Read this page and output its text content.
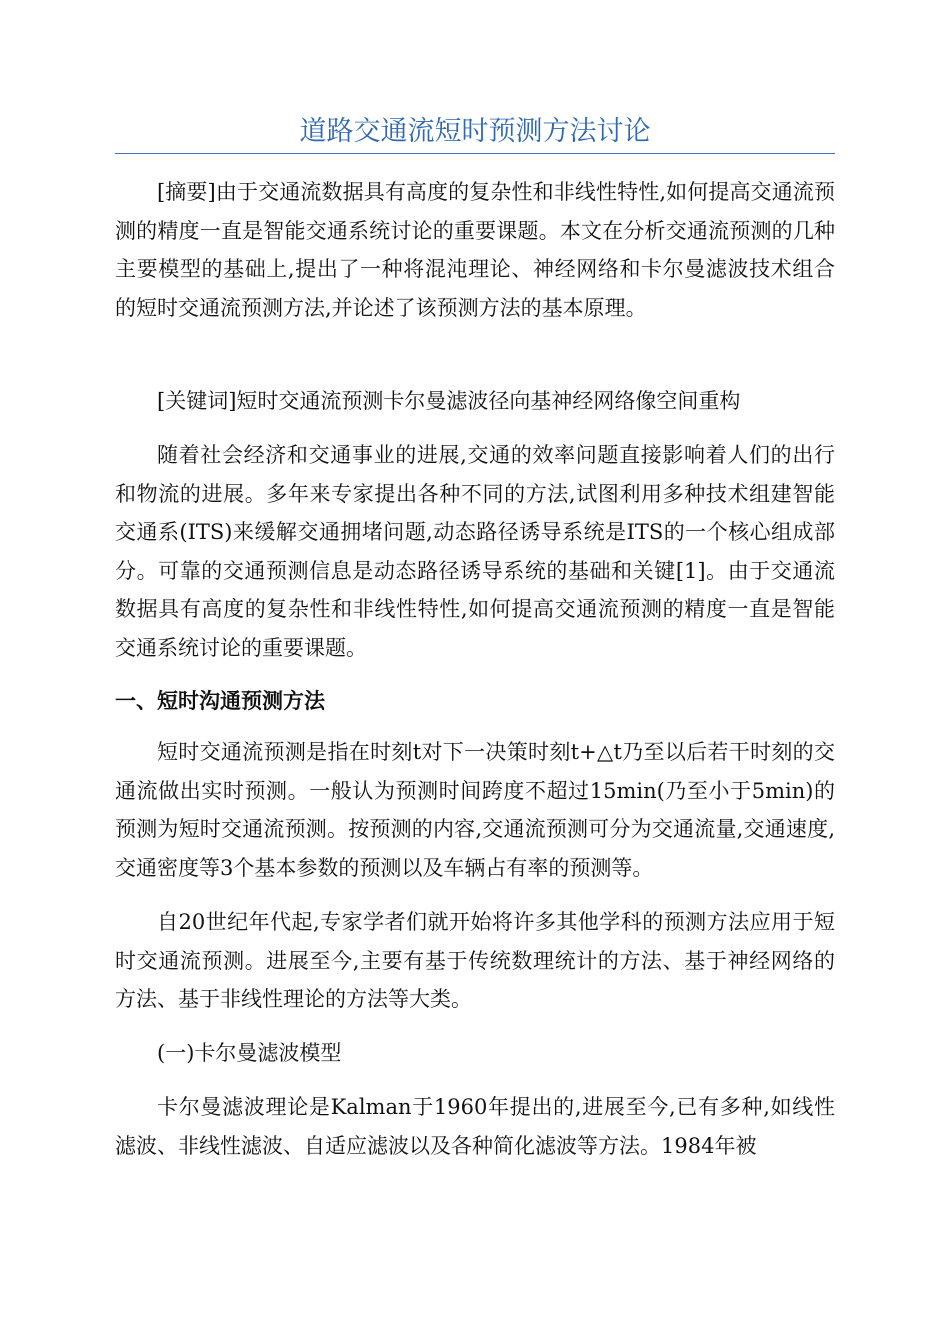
道路交通流短时预测方法讨论

[摘要]由于交通流数据具有高度的复杂性和非线性特性,如何提高交通流预测的精度一直是智能交通系统讨论的重要课题。本文在分析交通流预测的几种主要模型的基础上,提出了一种将混沌理论、神经网络和卡尔曼滤波技术组合的短时交通流预测方法,并论述了该预测方法的基本原理。

[关键词]短时交通流预测卡尔曼滤波径向基神经网络像空间重构

随着社会经济和交通事业的进展,交通的效率问题直接影响着人们的出行和物流的进展。多年来专家提出各种不同的方法,试图利用多种技术组建智能交通系(ITS)来缓解交通拥堵问题,动态路径诱导系统是ITS的一个核心组成部分。可靠的交通预测信息是动态路径诱导系统的基础和关键[1]。由于交通流数据具有高度的复杂性和非线性特性,如何提高交通流预测的精度一直是智能交通系统讨论的重要课题。

一、短时沟通预测方法

短时交通流预测是指在时刻t对下一决策时刻t+△t乃至以后若干时刻的交通流做出实时预测。一般认为预测时间跨度不超过15min(乃至小于5min)的预测为短时交通流预测。按预测的内容,交通流预测可分为交通流量,交通速度,交通密度等3个基本参数的预测以及车辆占有率的预测等。

自20世纪年代起,专家学者们就开始将许多其他学科的预测方法应用于短时交通流预测。进展至今,主要有基于传统数理统计的方法、基于神经网络的方法、基于非线性理论的方法等大类。

(一)卡尔曼滤波模型

卡尔曼滤波理论是Kalman于1960年提出的,进展至今,已有多种,如线性滤波、非线性滤波、自适应滤波以及各种简化滤波等方法。1984年被
